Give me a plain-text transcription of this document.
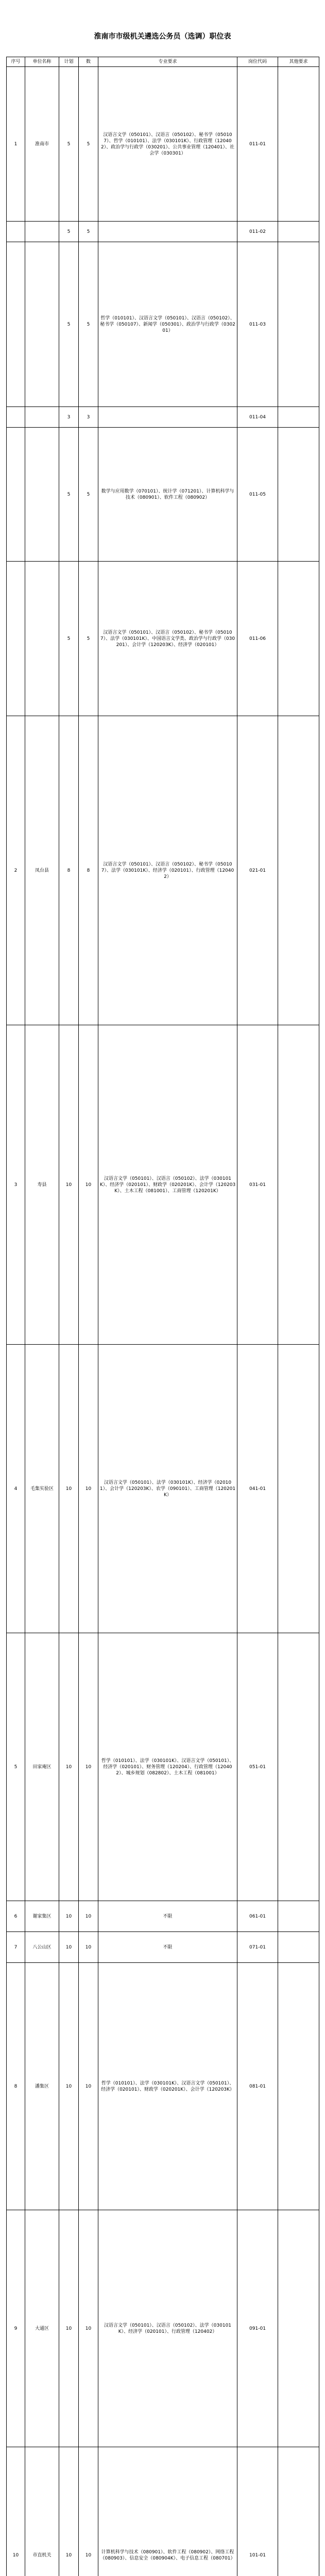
淮南市市级机关遴选公务员（选调）职位表
序号	单位名称	计划	数	专业要求	岗位代码	其他要求
1	淮南市	5	5	汉语言文学（050101）、汉语言（050102）、秘书学（050107）、哲学（010101）、法学（030101K）、行政管理（120402）、政治学与行政学（030201）、公共事业管理（120401）、社会学（030301）	011-01	
		5	5		011-02	
		5	5	哲学（010101）、汉语言文学（050101）、汉语言（050102）、秘书学（050107）、新闻学（050301）、政治学与行政学（030201）	011-03	
		3	3		011-04	
		5	5	数学与应用数学（070101）、统计学（071201）、计算机科学与技术（080901）、软件工程（080902）	011-05	
		5	5	汉语言文学（050101）、汉语言（050102）、秘书学（050107）、法学（030101K）、中国语言文学类、政治学与行政学（030201）、会计学（120203K）、经济学（020101）	011-06	
2	凤台县	8	8	汉语言文学（050101）、汉语言（050102）、秘书学（050107）、法学（030101K）、经济学（020101）、行政管理（120402）	021-01	
3	寿县	10	10	汉语言文学（050101）、汉语言（050102）、法学（030101K）、经济学（020101）、财政学（020201K）、会计学（120203K）、土木工程（081001）、工商管理（120201K）	031-01	
4	毛集实验区	10	10	汉语言文学（050101）、法学（030101K）、经济学（020101）、会计学（120203K）、农学（090101）、工商管理（120201K）	041-01	
5	田家庵区	10	10	哲学（010101）、法学（030101K）、汉语言文学（050101）、经济学（020101）、财务管理（120204）、行政管理（120402）、城乡规划（082802）、土木工程（081001）	051-01	
6	谢家集区	10	10	不限	061-01	
7	八公山区	10	10	不限	071-01	
8	潘集区	10	10	哲学（010101）、法学（030101K）、汉语言文学（050101）、经济学（020101）、财政学（020201K）、会计学（120203K）	081-01	
9	大通区	10	10	汉语言文学（050101）、汉语言（050102）、法学（030101K）、经济学（020101）、行政管理（120402）	091-01	
10	市直机关	10	10	计算机科学与技术（080901）、软件工程（080902）、网络工程（080903）、信息安全（080904K）、电子信息工程（080701）	101-01	
